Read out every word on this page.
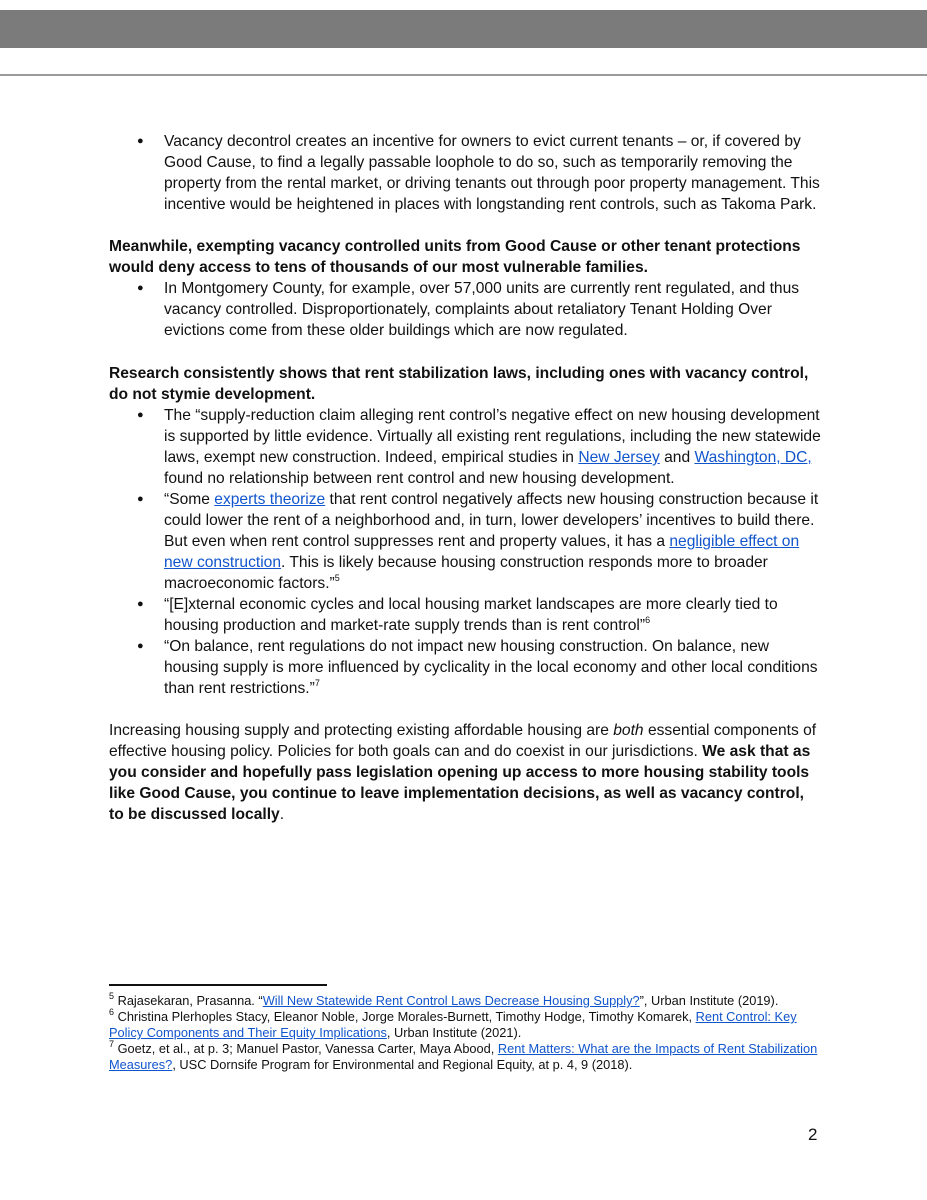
● Vacancy decontrol creates an incentive for owners to evict current tenants – or, if covered by Good Cause, to find a legally passable loophole to do so, such as temporarily removing the property from the rental market, or driving tenants out through poor property management. This incentive would be heightened in places with longstanding rent controls, such as Takoma Park.

Meanwhile, exempting vacancy controlled units from Good Cause or other tenant protections would deny access to tens of thousands of our most vulnerable families.

● In Montgomery County, for example, over 57,000 units are currently rent regulated, and thus vacancy controlled. Disproportionately, complaints about retaliatory Tenant Holding Over evictions come from these older buildings which are now regulated.

Research consistently shows that rent stabilization laws, including ones with vacancy control, do not stymie development.

● The “supply-reduction claim alleging rent control’s negative effect on new housing development is supported by little evidence. Virtually all existing rent regulations, including the new statewide laws, exempt new construction. Indeed, empirical studies in New Jersey and Washington, DC, found no relationship between rent control and new housing development.
● “Some experts theorize that rent control negatively affects new housing construction because it could lower the rent of a neighborhood and, in turn, lower developers’ incentives to build there. But even when rent control suppresses rent and property values, it has a negligible effect on new construction. This is likely because housing construction responds more to broader macroeconomic factors.”$^5$
● “[E]xternal economic cycles and local housing market landscapes are more clearly tied to housing production and market-rate supply trends than is rent control”$^6$
● “On balance, rent regulations do not impact new housing construction. On balance, new housing supply is more influenced by cyclicality in the local economy and other local conditions than rent restrictions.”$^7$

Increasing housing supply and protecting existing affordable housing are both essential components of effective housing policy. Policies for both goals can and do coexist in our jurisdictions. We ask that as you consider and hopefully pass legislation opening up access to more housing stability tools like Good Cause, you continue to leave implementation decisions, as well as vacancy control, to be discussed locally.

$^5$ Rajasekaran, Prasanna. “Will New Statewide Rent Control Laws Decrease Housing Supply?”, Urban Institute (2019).

$^6$ Christina Plerhoples Stacy, Eleanor Noble, Jorge Morales-Burnett, Timothy Hodge, Timothy Komarek, Rent Control: Key Policy Components and Their Equity Implications, Urban Institute (2021).

$^7$ Goetz, et al., at p. 3; Manuel Pastor, Vanessa Carter, Maya Abood, Rent Matters: What are the Impacts of Rent Stabilization Measures?, USC Dornsife Program for Environmental and Regional Equity, at p. 4, 9 (2018).

2
